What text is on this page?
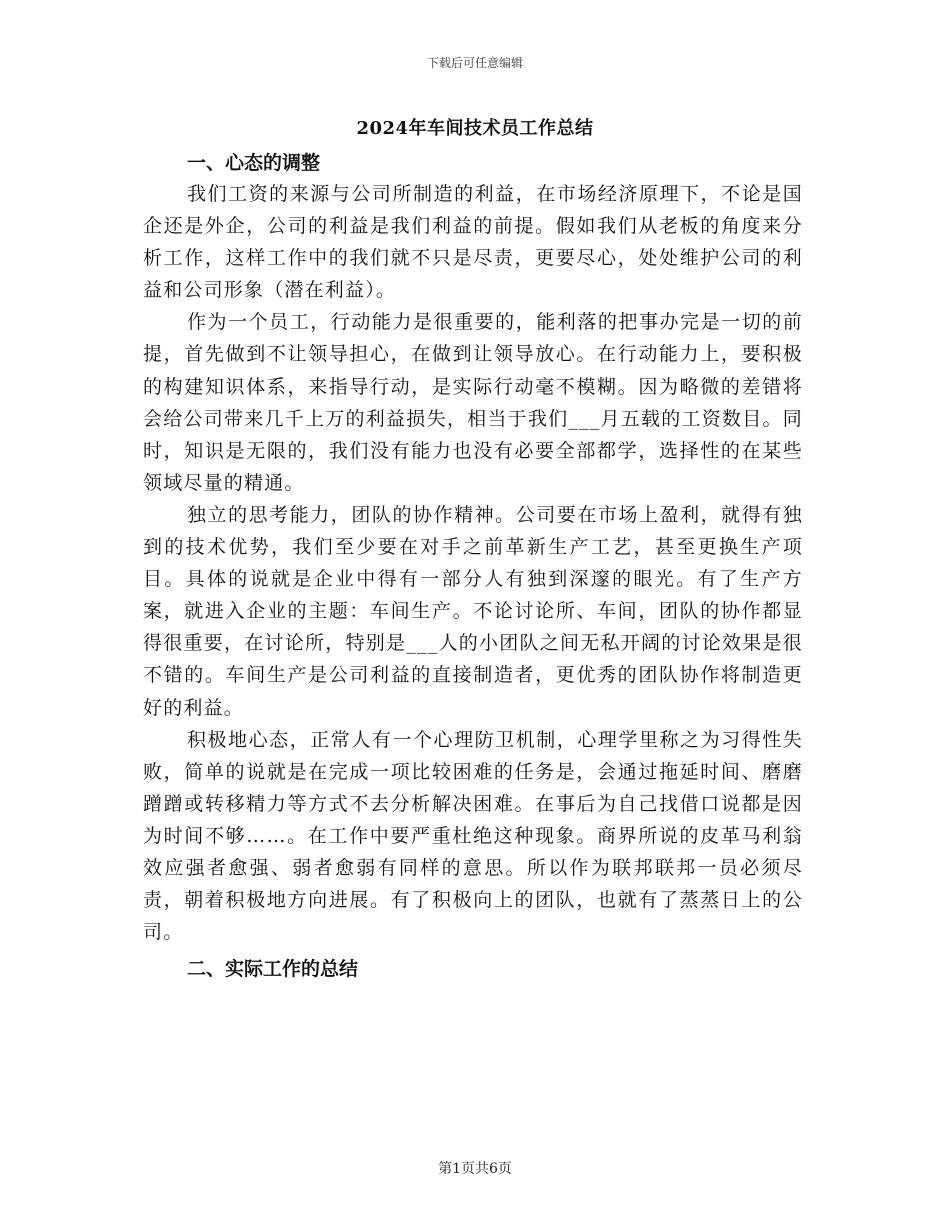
下载后可任意编辑
2024年车间技术员工作总结

一、心态的调整

我们工资的来源与公司所制造的利益，在市场经济原理下，不论是国企还是外企，公司的利益是我们利益的前提。假如我们从老板的角度来分析工作，这样工作中的我们就不只是尽责，更要尽心，处处维护公司的利益和公司形象（潜在利益）。

作为一个员工，行动能力是很重要的，能利落的把事办完是一切的前提，首先做到不让领导担心，在做到让领导放心。在行动能力上，要积极的构建知识体系，来指导行动，是实际行动毫不模糊。因为略微的差错将会给公司带来几千上万的利益损失，相当于我们___月五载的工资数目。同时，知识是无限的，我们没有能力也没有必要全部都学，选择性的在某些领域尽量的精通。

独立的思考能力，团队的协作精神。公司要在市场上盈利，就得有独到的技术优势，我们至少要在对手之前革新生产工艺，甚至更换生产项目。具体的说就是企业中得有一部分人有独到深邃的眼光。有了生产方案，就进入企业的主题：车间生产。不论讨论所、车间，团队的协作都显得很重要，在讨论所，特别是___人的小团队之间无私开阔的讨论效果是很不错的。车间生产是公司利益的直接制造者，更优秀的团队协作将制造更好的利益。

积极地心态，正常人有一个心理防卫机制，心理学里称之为习得性失败，简单的说就是在完成一项比较困难的任务是，会通过拖延时间、磨磨蹭蹭或转移精力等方式不去分析解决困难。在事后为自己找借口说都是因为时间不够……。在工作中要严重杜绝这种现象。商界所说的皮革马利翁效应强者愈强、弱者愈弱有同样的意思。所以作为联邦联邦一员必须尽责，朝着积极地方向进展。有了积极向上的团队，也就有了蒸蒸日上的公司。

二、实际工作的总结

第1页共6页
